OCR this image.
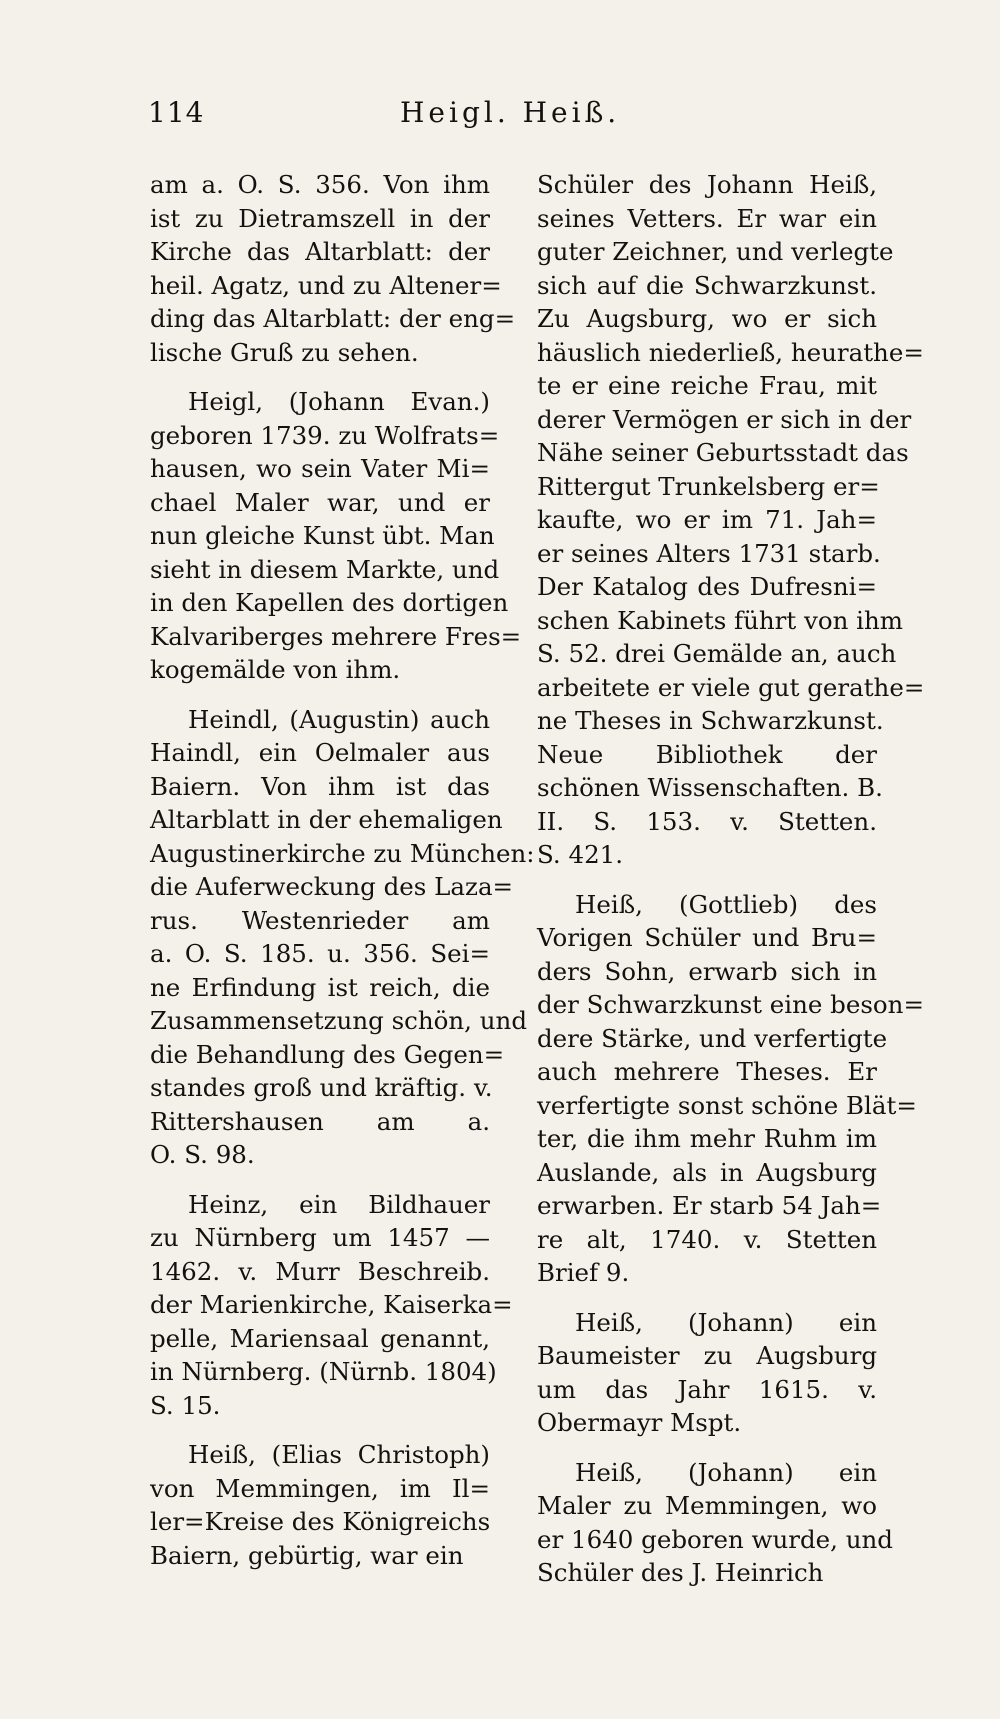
114	Heigl. Heiß.
am a. O. S. 356. Von ihm
ist zu Dietramszell in der
Kirche das Altarblatt: der
heil. Agatz, und zu Altener=
ding das Altarblatt: der eng=
lische Gruß zu sehen.
Heigl, (Johann Evan.)
geboren 1739. zu Wolfrats=
hausen, wo sein Vater Mi=
chael Maler war, und er
nun gleiche Kunst übt. Man
sieht in diesem Markte, und
in den Kapellen des dortigen
Kalvariberges mehrere Fres=
kogemälde von ihm.
Heindl, (Augustin) auch
Haindl, ein Oelmaler aus
Baiern. Von ihm ist das
Altarblatt in der ehemaligen
Augustinerkirche zu München:
die Auferweckung des Laza=
rus. Westenrieder am
a. O. S. 185. u. 356. Sei=
ne Erfindung ist reich, die
Zusammensetzung schön, und
die Behandlung des Gegen=
standes groß und kräftig. v.
Rittershausen am a.
O. S. 98.
Heinz, ein Bildhauer
zu Nürnberg um 1457 —
1462. v. Murr Beschreib.
der Marienkirche, Kaiserka=
pelle, Mariensaal genannt,
in Nürnberg. (Nürnb. 1804)
S. 15.
Heiß, (Elias Christoph)
von Memmingen, im Il=
ler=Kreise des Königreichs
Baiern, gebürtig, war ein
Schüler des Johann Heiß,
seines Vetters. Er war ein
guter Zeichner, und verlegte
sich auf die Schwarzkunst.
Zu Augsburg, wo er sich
häuslich niederließ, heurathe=
te er eine reiche Frau, mit
derer Vermögen er sich in der
Nähe seiner Geburtsstadt das
Rittergut Trunkelsberg er=
kaufte, wo er im 71. Jah=
er seines Alters 1731 starb.
Der Katalog des Dufresni=
schen Kabinets führt von ihm
S. 52. drei Gemälde an, auch
arbeitete er viele gut gerathe=
ne Theses in Schwarzkunst.
Neue Bibliothek der
schönen Wissenschaften. B.
II. S. 153. v. Stetten.
S. 421.
Heiß, (Gottlieb) des
Vorigen Schüler und Bru=
ders Sohn, erwarb sich in
der Schwarzkunst eine beson=
dere Stärke, und verfertigte
auch mehrere Theses. Er
verfertigte sonst schöne Blät=
ter, die ihm mehr Ruhm im
Auslande, als in Augsburg
erwarben. Er starb 54 Jah=
re alt, 1740. v. Stetten
Brief 9.
Heiß, (Johann) ein
Baumeister zu Augsburg
um das Jahr 1615. v.
Obermayr Mspt.
Heiß, (Johann) ein
Maler zu Memmingen, wo
er 1640 geboren wurde, und
Schüler des J. Heinrich
